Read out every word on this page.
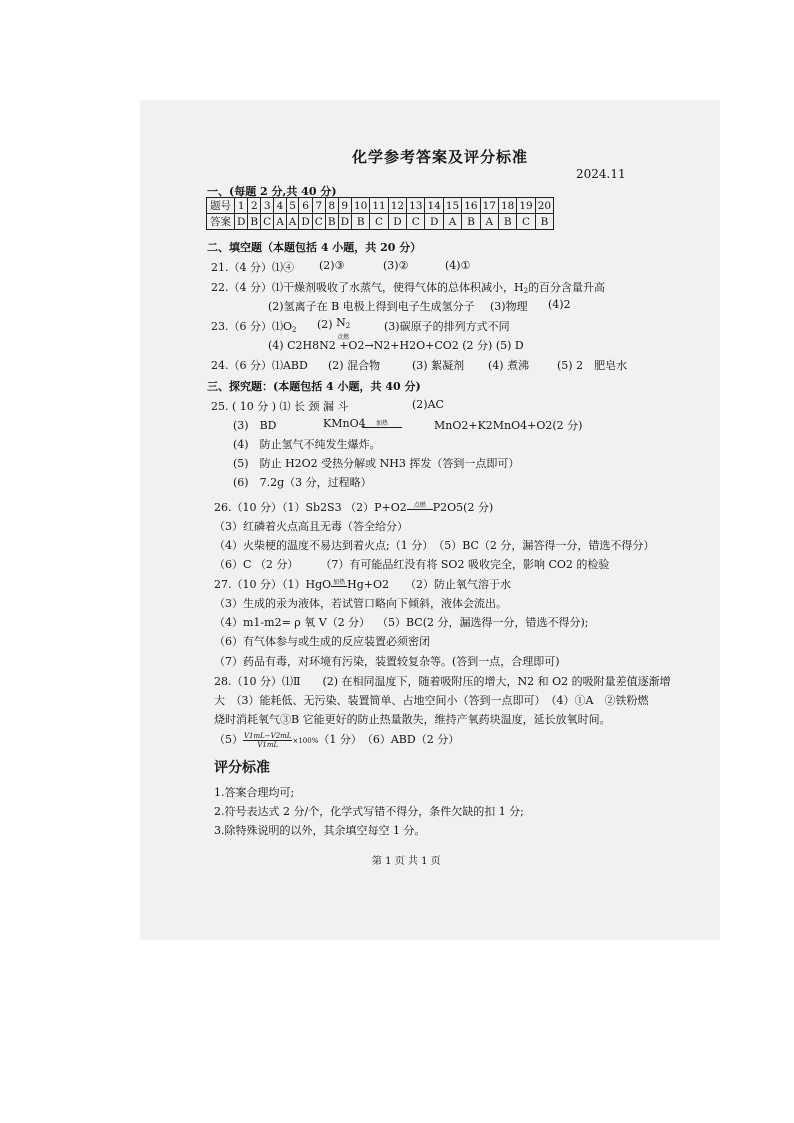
化学参考答案及评分标准
2024.11
一、(每题 2 分,共 40 分)
题号	1	2	3	4	5	6	7	8	9	10	11	12	13	14	15	16	17	18	19	20
答案	D	B	C	A	A	D	C	B	D	B	C	D	C	D	A	B	A	B	C	B
二、填空题（本题包括 4 小题，共 20 分）
21.（4 分）⑴④ (2)③	(3)②	(4)①
22.（4 分）⑴干燥剂吸收了水蒸气，使得气体的总体积减小，$H_2$的百分含量升高
(2)氢离子在 B 电极上得到电子生成氢分子 (3)物理 (4)2
23.（6 分）$⑴O_2$ (2) $N_2$
点燃
(3)碳原子的排列方式不同
(4) C2H8N2 +O2→N2+H2O+CO2 (2 分) (5) D
24.（6 分）⑴ABD (2) 混合物	(3) 絮凝剂 (4) 煮沸	(5) 2　肥皂水
三、探究题：(本题包括 4 小题，共 40 分)
25. ( 10 分 ) ⑴ 长 颈 漏 斗	(2)AC
(3)　BD	KMnO4	加热	MnO2+K2MnO4+O2(2 分)
(4)　防止氢气不纯发生爆炸。
(5)　防止 H2O2 受热分解或 NH3 挥发（答到一点即可）
(6)　7.2g（3 分，过程略）
26.（10 分）（1）Sb2S3 （2）P+O2	点燃 P2O5(2 分)
（3）红磷着火点高且无毒（答全给分）
（4）火柴梗的温度不易达到着火点;（1 分）　（5）BC（2 分，漏答得一分，错选不得分）
（6）C （2 分）　　　（7）有可能品红没有将 SO2 吸收完全，影响 CO2 的检验
27.（10 分）（1）HgO 加热 Hg+O2 （2）防止氧气溶于水
（3）生成的汞为液体，若试管口略向下倾斜，液体会流出。
（4）m1-m2= ρ 氧 V（2 分） （5）BC(2 分，漏选得一分，错选不得分);
（6）有气体参与或生成的反应装置必须密闭
（7）药品有毒，对环境有污染，装置较复杂等。(答到一点，合理即可)
28.（10 分）⑴Ⅱ　　(2) 在相同温度下，随着吸附压的增大，N2 和 O2 的吸附量差值逐渐增
大　（3）能耗低、无污染、装置简单、占地空间小（答到一点即可）　（4）①A　②铁粉燃
烧时消耗氧气③B 它能更好的防止热量散失，维持产氧药块温度，延长放氧时间。
$(5) \frac{V1mL-V2mL}{V1mL} \times 100\%(1$ 分）　（6）ABD（2 分）
评分标准
1.答案合理均可;
2.符号表达式 2 分/个，化学式写错不得分，条件欠缺的扣 1 分;
3.除特殊说明的以外，其余填空每空 1 分。
第 1 页 共 1 页
